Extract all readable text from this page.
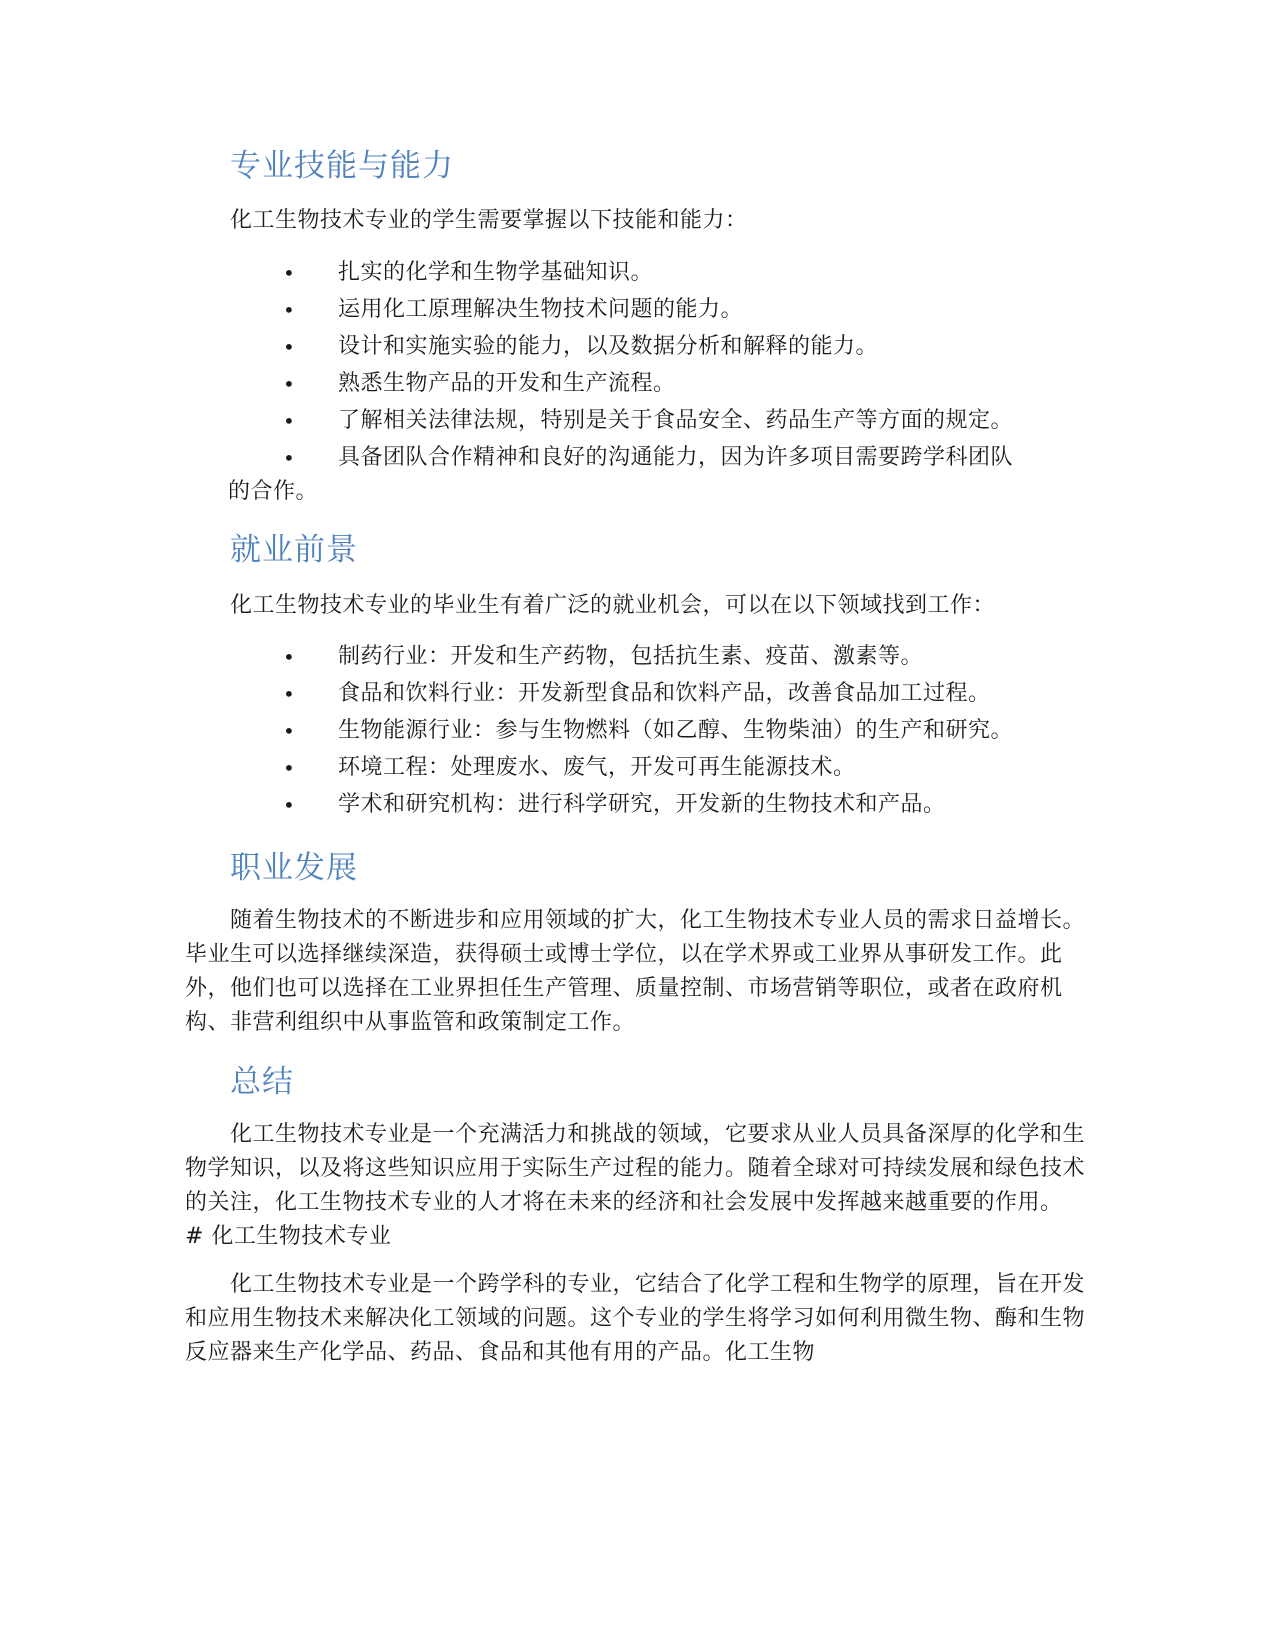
专业技能与能力

化工生物技术专业的学生需要掌握以下技能和能力：

• 扎实的化学和生物学基础知识。
• 运用化工原理解决生物技术问题的能力。
• 设计和实施实验的能力，以及数据分析和解释的能力。
• 熟悉生物产品的开发和生产流程。
• 了解相关法律法规，特别是关于食品安全、药品生产等方面的规定。
• 具备团队合作精神和良好的沟通能力，因为许多项目需要跨学科团队

的合作。

就业前景

化工生物技术专业的毕业生有着广泛的就业机会，可以在以下领域找到工作：

• 制药行业：开发和生产药物，包括抗生素、疫苗、激素等。
• 食品和饮料行业：开发新型食品和饮料产品，改善食品加工过程。
• 生物能源行业：参与生物燃料（如乙醇、生物柴油）的生产和研究。
• 环境工程：处理废水、废气，开发可再生能源技术。
• 学术和研究机构：进行科学研究，开发新的生物技术和产品。
职业发展

随着生物技术的不断进步和应用领域的扩大，化工生物技术专业人员的需求日益增长。毕业生可以选择继续深造，获得硕士或博士学位，以在学术界或工业界从事研发工作。此外，他们也可以选择在工业界担任生产管理、质量控制、市场营销等职位，或者在政府机构、非营利组织中从事监管和政策制定工作。

总结

化工生物技术专业是一个充满活力和挑战的领域，它要求从业人员具备深厚的化学和生物学知识，以及将这些知识应用于实际生产过程的能力。随着全球对可持续发展和绿色技术的关注，化工生物技术专业的人才将在未来的经济和社会发展中发挥越来越重要的作用。 # 化工生物技术专业

化工生物技术专业是一个跨学科的专业，它结合了化学工程和生物学的原理，旨在开发和应用生物技术来解决化工领域的问题。这个专业的学生将学习如何利用微生物、酶和生物反应器来生产化学品、药品、食品和其他有用的产品。化工生物
